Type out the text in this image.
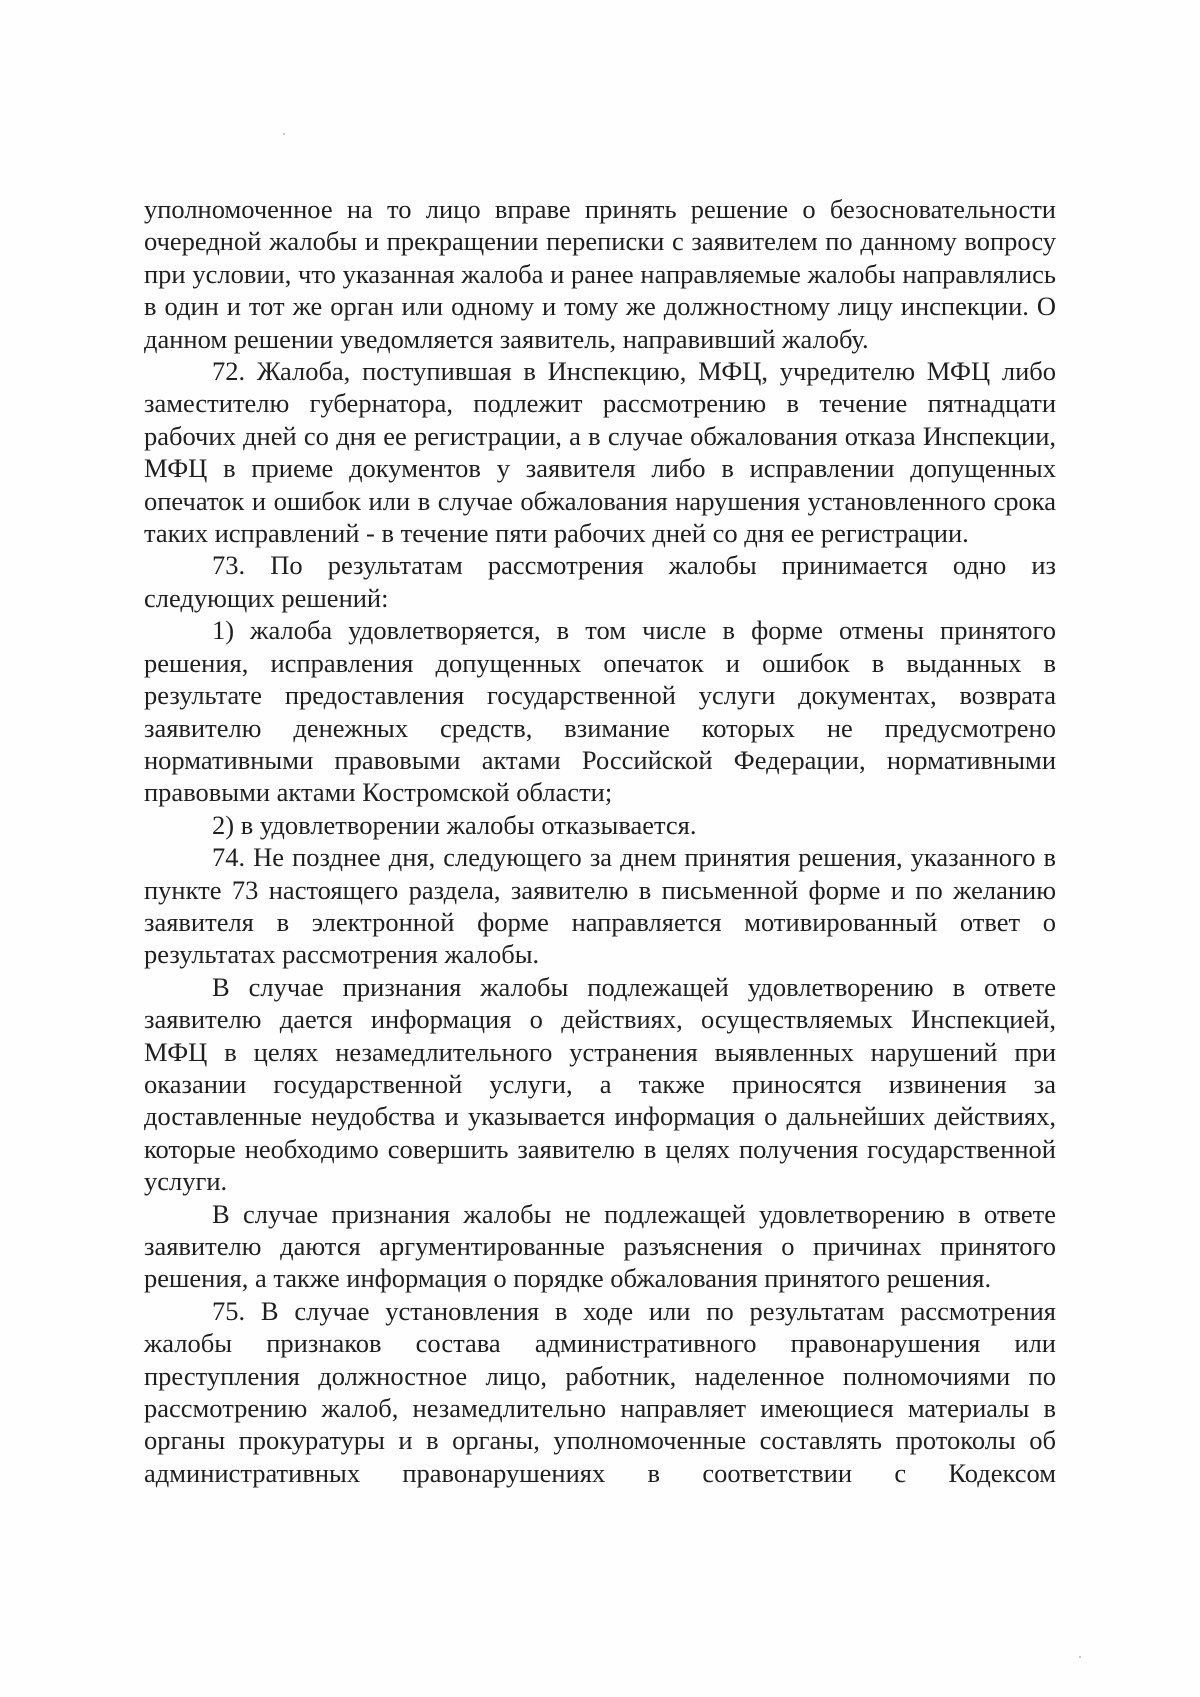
уполномоченное на то лицо вправе принять решение о безосновательности очередной жалобы и прекращении переписки с заявителем по данному вопросу при условии, что указанная жалоба и ранее направляемые жалобы направлялись в один и тот же орган или одному и тому же должностному лицу инспекции. О данном решении уведомляется заявитель, направивший жалобу.

72. Жалоба, поступившая в Инспекцию, МФЦ, учредителю МФЦ либо заместителю губернатора, подлежит рассмотрению в течение пятнадцати рабочих дней со дня ее регистрации, а в случае обжалования отказа Инспекции, МФЦ в приеме документов у заявителя либо в исправлении допущенных опечаток и ошибок или в случае обжалования нарушения установленного срока таких исправлений - в течение пяти рабочих дней со дня ее регистрации.

73. По результатам рассмотрения жалобы принимается одно из следующих решений:

1) жалоба удовлетворяется, в том числе в форме отмены принятого решения, исправления допущенных опечаток и ошибок в выданных в результате предоставления государственной услуги документах, возврата заявителю денежных средств, взимание которых не предусмотрено нормативными правовыми актами Российской Федерации, нормативными правовыми актами Костромской области;

2) в удовлетворении жалобы отказывается.

74. Не позднее дня, следующего за днем принятия решения, указанного в пункте 73 настоящего раздела, заявителю в письменной форме и по желанию заявителя в электронной форме направляется мотивированный ответ о результатах рассмотрения жалобы.

В случае признания жалобы подлежащей удовлетворению в ответе заявителю дается информация о действиях, осуществляемых Инспекцией, МФЦ в целях незамедлительного устранения выявленных нарушений при оказании государственной услуги, а также приносятся извинения за доставленные неудобства и указывается информация о дальнейших действиях, которые необходимо совершить заявителю в целях получения государственной услуги.

В случае признания жалобы не подлежащей удовлетворению в ответе заявителю даются аргументированные разъяснения о причинах принятого решения, а также информация о порядке обжалования принятого решения.

75. В случае установления в ходе или по результатам рассмотрения жалобы признаков состава административного правонарушения или преступления должностное лицо, работник, наделенное полномочиями по рассмотрению жалоб, незамедлительно направляет имеющиеся материалы в органы прокуратуры и в органы, уполномоченные составлять протоколы об административных правонарушениях в соответствии с Кодексом
